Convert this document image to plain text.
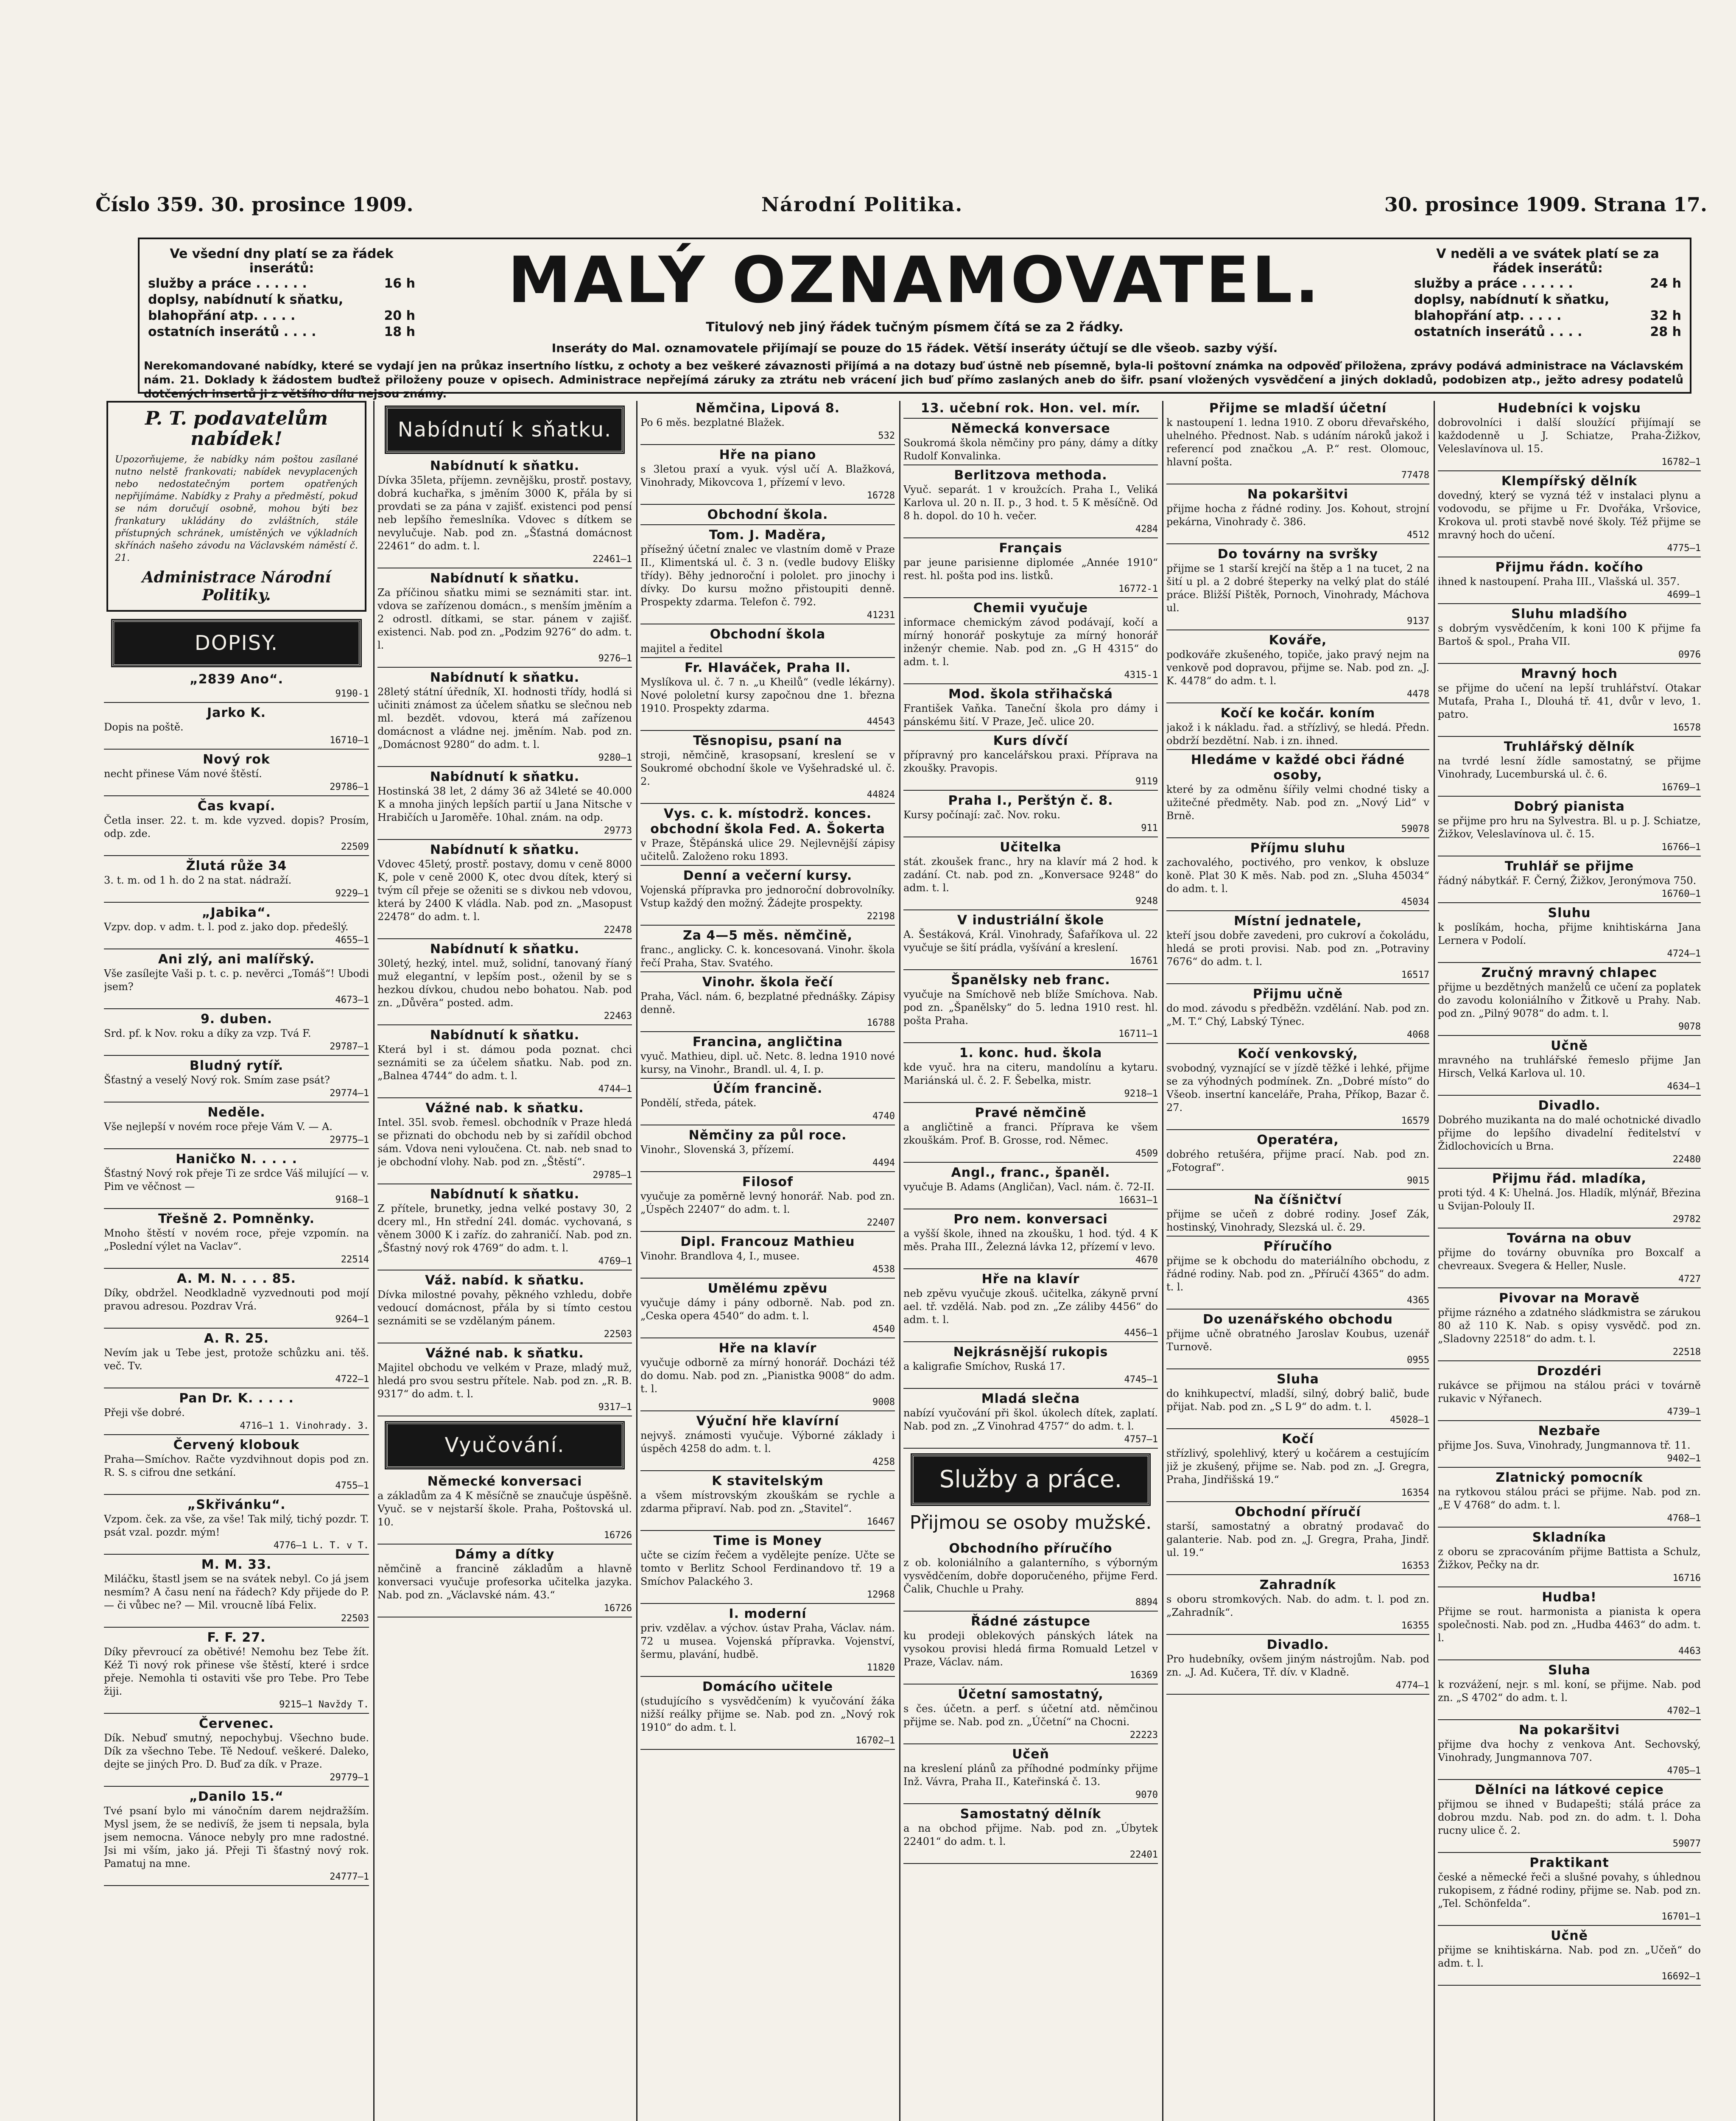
Číslo 359. 30. prosince 1909.	Národní Politika.	30. prosince 1909. Strana 17.
Ve všední dny platí se za řádek inserátů:
služby a práce . . . . . .	16 h
doplsy, nabídnutí k sňatku,
blahopřání atp. . . . .	20 h
ostatních inserátů . . . .	18 h
MALÝ OZNAMOVATEL.
Titulový neb jiný řádek tučným písmem čítá se za 2 řádky.
Inseráty do Mal. oznamovatele přijímají se pouze do 15 řádek. Větší inseráty účtují se dle všeob. sazby výší.
V neděli a ve svátek platí se za řádek inserátů:
služby a práce . . . . . .	24 h
doplsy, nabídnutí k sňatku,
blahopřání atp. . . . .	32 h
ostatních inserátů . . . .	28 h
Nerekomandované nabídky, které se vydají jen na průkaz insertního lístku, z ochoty a bez veškeré závaznosti přijímá a na dotazy buď ústně neb písemně, byla-li poštovní známka na odpověď přiložena, zprávy podává administrace na Václavském nám. 21. Doklady k žádostem buďtež přiloženy pouze v opisech. Administrace nepřejímá záruky za ztrátu neb vrácení jich buď přímo zaslaných aneb do šifr. psaní vložených vysvědčení a jiných dokladů, podobizen atp., ježto adresy podatelů dotčených insertů ji z většího dílu nejsou známy.
P. T. podavatelům nabídek!
Upozorňujeme, že nabídky nám poštou zasílané nutno nelstě frankovati; nabídek nevyplacených nebo nedostatečným portem opatřených nepřijímáme. Nabídky z Prahy a předměstí, pokud se nám doručují osobně, mohou býti bez frankatury ukládány do zvláštních, stále přístupných schránek, umístěných ve výkladních skřínách našeho závodu na Václavském náměstí č. 21.
Administrace Národní Politiky.
DOPISY.
„2839 Ano“.
9190-1
Jarko K.
Dopis na poště.
16710—1
Nový rok
necht přinese Vám nové štěstí.
29786—1
Čas kvapí.
Četla inser. 22. t. m. kde vyzved. dopis? Prosím, odp. zde.
22509
Žlutá růže 34
3. t. m. od 1 h. do 2 na stat. nádraží.
9229—1
„Jabika“.
Vzpv. dop. v adm. t. l. pod z. jako dop. předešlý.
4655—1
Ani zlý, ani malířský.
Vše zasílejte Vaši p. t. c. p. nevěrci „Tomáš“! Ubodi jsem?
4673—1
9. duben.
Srd. pf. k Nov. roku a díky za vzp. Tvá F.
29787—1
Bludný rytíř.
Šťastný a veselý Nový rok. Smím zase psát?
29774—1
Neděle.
Vše nejlepší v novém roce přeje Vám V. — A.
29775—1
Haničko N. . . . .
Šťastný Nový rok přeje Ti ze srdce Váš milující — v. Pim ve věčnost —
9168—1
Třešně 2. Pomněnky.
Mnoho štěstí v novém roce, přeje vzpomín. na „Poslední výlet na Vaclav“.
22514
A. M. N. . . . 85.
Díky, obdržel. Neodkladně vyzvednouti pod mojí pravou adresou. Pozdrav Vrá.
9264—1
A. R. 25.
Nevím jak u Tebe jest, protože schůzku ani. těš. več. Tv.
4722—1
Pan Dr. K. . . . .
Přeji vše dobré.
4716—1 1. Vinohrady. 3.
Červený klobouk
Praha—Smíchov. Račte vyzdvihnout dopis pod zn. R. S. s cifrou dne setkání.
4755—1
„Skřivánku“.
Vzpom. ček. za vše, za vše! Tak milý, tichý pozdr. T. psát vzal. pozdr. mým!
4776—1 L. T. v T.
M. M. 33.
Miláčku, štastl jsem se na svátek nebyl. Co já jsem nesmím? A času není na řádech? Kdy přijede do P. — či vůbec ne? — Mil. vroucně líbá Felix.
22503
F. F. 27.
Díky převroucí za obětivé! Nemohu bez Tebe žít. Kéž Ti nový rok přinese vše štěstí, které i srdce přeje. Nemohla ti ostaviti vše pro Tebe. Pro Tebe žiji.
9215—1 Navždy T.
Červenec.
Dík. Nebuď smutný, nepochybuj. Všechno bude. Dík za všechno Tebe. Tě Nedouf. veškeré. Daleko, dejte se jiných Pro. D. Buď za dík. v Praze.
29779—1
„Danilo 15.“
Tvé psaní bylo mi vánočním darem nejdražším. Mysl jsem, že se nedivíš, že jsem ti nepsala, byla jsem nemocna. Vánoce nebyly pro mne radostné. Jsi mi vším, jako já. Přeji Ti šťastný nový rok. Pamatuj na mne.
24777—1
Nabídnutí k sňatku.
Nabídnutí k sňatku.
Dívka 35leta, příjemn. zevnějšku, prostř. postavy, dobrá kuchařka, s jměním 3000 K, přála by si provdati se za pána v zajišť. existenci pod pensí neb lepšího řemeslníka. Vdovec s dítkem se nevylučuje. Nab. pod zn. „Šťastná domácnost 22461“ do adm. t. l.
22461—1
Nabídnutí k sňatku.
Za příčinou sňatku mimi se seznámiti star. int. vdova se zařízenou domácn., s menším jměním a 2 odrostl. dítkami, se star. pánem v zajišť. existenci. Nab. pod zn. „Podzim 9276“ do adm. t. l.
9276—1
Nabídnutí k sňatku.
28letý státní úředník, XI. hodnosti třídy, hodlá si učiniti známost za účelem sňatku se slečnou neb ml. bezdět. vdovou, která má zařízenou domácnost a vládne nej. jměním. Nab. pod zn. „Domácnost 9280“ do adm. t. l.
9280—1
Nabídnutí k sňatku.
Hostinská 38 let, 2 dámy 36 až 34leté se 40.000 K a mnoha jiných lepších partií u Jana Nitsche v Hrabičích u Jaroměře. 10hal. znám. na odp.
29773
Nabídnutí k sňatku.
Vdovec 45letý, prostř. postavy, domu v ceně 8000 K, pole v ceně 2000 K, otec dvou dítek, který si tvým cíl přeje se oženiti se s divkou neb vdovou, která by 2400 K vládla. Nab. pod zn. „Masopust 22478“ do adm. t. l.
22478
Nabídnutí k sňatku.
30letý, hezký, intel. muž, solidní, tanovaný říaný muž elegantní, v lepším post., oženil by se s hezkou dívkou, chudou nebo bohatou. Nab. pod zn. „Důvěra“ posted. adm.
22463
Nabídnutí k sňatku.
Která byl i st. dámou poda poznat. chci seznámiti se za účelem sňatku. Nab. pod zn. „Balnea 4744“ do adm. t. l.
4744—1
Vážné nab. k sňatku.
Intel. 35l. svob. řemesl. obchodník v Praze hledá se přiznati do obchodu neb by si zařídil obchod sám. Vdova neni vyloučena. Ct. nab. neb snad to je obchodní vlohy. Nab. pod zn. „Štěstí“.
29785—1
Nabídnutí k sňatku.
Z přítele, brunetky, jedna velké postavy 30, 2 dcery ml., Hn střední 24l. domác. vychovaná, s věnem 3000 K i zaříz. do zahraničí. Nab. pod zn. „Šťastný nový rok 4769“ do adm. t. l.
4769—1
Váž. nabíd. k sňatku.
Dívka milostné povahy, pěkného vzhledu, dobře vedoucí domácnost, přála by si tímto cestou seznámiti se se vzdělaným pánem.
22503
Vážné nab. k sňatku.
Majitel obchodu ve velkém v Praze, mladý muž, hledá pro svou sestru přítele. Nab. pod zn. „R. B. 9317“ do adm. t. l.
9317—1
Vyučování.
Německé konversaci
a základům za 4 K měsíčně se znaučuje úspěšně. Vyuč. se v nejstarší škole. Praha, Poštovská ul. 10.
16726
Dámy a dítky
němčině a francině základům a hlavně konversaci vyučuje profesorka učitelka jazyka. Nab. pod zn. „Václavské nám. 43.“
16726
Němčina, Lipová 8.
Po 6 měs. bezplatné Blažek.
532
Hře na piano
s 3letou praxí a vyuk. výsl učí A. Blažková, Vinohrady, Mikovcova 1, přízemí v levo.
16728
Obchodní škola.
Tom. J. Maděra,
přísežný účetní znalec ve vlastním domě v Praze II., Klimentská ul. č. 3 n. (vedle budovy Elišky třídy). Běhy jednoroční i pololet. pro jinochy i dívky. Do kursu možno přistoupiti denně. Prospekty zdarma. Telefon č. 792.
41231
Obchodní škola
majitel a ředitel
Fr. Hlaváček, Praha II.
Myslíkova ul. č. 7 n. „u Kheilů“ (vedle lékárny). Nové pololetní kursy započnou dne 1. března 1910. Prospekty zdarma.
44543
Těsnopisu, psaní na
stroji, němčině, krasopsaní, kreslení se v Soukromé obchodní škole ve Vyšehradské ul. č. 2.
44824
Vys. c. k. místodrž. konces. obchodní škola Fed. A. Šokerta
v Praze, Štěpánská ulice 29. Nejlevnější zápisy učitelů. Založeno roku 1893.
Denní a večerní kursy.
Vojenská přípravka pro jednoroční dobrovolníky. Vstup každý den možný. Žádejte prospekty.
22198
Za 4—5 měs. němčině,
franc., anglicky. C. k. koncesovaná. Vinohr. škola řečí Praha, Stav. Svatého.
Vinohr. škola řečí
Praha, Václ. nám. 6, bezplatné přednášky. Zápisy denně.
16788
Francina, angličtina
vyuč. Mathieu, dipl. uč. Netc. 8. ledna 1910 nové kursy, na Vinohr., Brandl. ul. 4, I. p.
Účím francině.
Pondělí, středa, pátek.
4740
Němčiny za půl roce.
Vinohr., Slovenská 3, přízemí.
4494
Filosof
vyučuje za poměrně levný honorář. Nab. pod zn. „Úspěch 22407“ do adm. t. l.
22407
Dipl. Francouz Mathieu
Vinohr. Brandlova 4, I., musee.
4538
Umělému zpěvu
vyučuje dámy i pány odborně. Nab. pod zn. „Ceska opera 4540“ do adm. t. l.
4540
Hře na klavír
vyučuje odborně za mírný honorář. Docházi též do domu. Nab. pod zn. „Pianistka 9008“ do adm. t. l.
9008
Výuční hře klavírní
nejvyš. známosti vyučuje. Výborné základy i úspěch 4258 do adm. t. l.
4258
K stavitelským
a všem místrovským zkouškám se rychle a zdarma připraví. Nab. pod zn. „Stavitel“.
16467
Time is Money
učte se cizím řečem a vydělejte peníze. Učte se tomto v Berlitz School Ferdinandovo tř. 19 a Smíchov Palackého 3.
12968
I. moderní
priv. vzdělav. a výchov. ústav Praha, Václav. nám. 72 u musea. Vojenská přípravka. Vojenství, šermu, plavání, hudbě.
11820
Domácího učitele
(studujícího s vysvědčením) k vyučování žáka nižší reálky přijme se. Nab. pod zn. „Nový rok 1910“ do adm. t. l.
16702—1
13. učební rok. Hon. vel. mír.
Německá konversace
Soukromá škola němčiny pro pány, dámy a dítky Rudolf Konvalinka.
Berlitzova methoda.
Vyuč. separát. 1 v kroužcích. Praha I., Veliká Karlova ul. 20 n. II. p., 3 hod. t. 5 K měsíčně. Od 8 h. dopol. do 10 h. večer.
4284
Français
par jeune parisienne diplomée „Année 1910“ rest. hl. pošta pod ins. listků.
16772-1
Chemii vyučuje
informace chemickým závod podávají, kočí a mírný honorář poskytuje za mírný honorář inženýr chemie. Nab. pod zn. „G H 4315“ do adm. t. l.
4315-1
Mod. škola střihačská
František Vaňka. Taneční škola pro dámy i pánskému šití. V Praze, Ječ. ulice 20.
Kurs dívčí
přípravný pro kancelářskou praxi. Příprava na zkoušky. Pravopis.
9119
Praha I., Perštýn č. 8.
Kursy počínají: zač. Nov. roku.
911
Učitelka
stát. zkoušek franc., hry na klavír má 2 hod. k zadání. Ct. nab. pod zn. „Konversace 9248“ do adm. t. l.
9248
V industriální škole
A. Šestáková, Král. Vinohrady, Šafaříkova ul. 22 vyučuje se šití prádla, vyšívání a kreslení.
16761
Španělsky neb franc.
vyučuje na Smíchově neb blíže Smíchova. Nab. pod zn. „Španělsky“ do 5. ledna 1910 rest. hl. pošta Praha.
16711—1
1. konc. hud. škola
kde vyuč. hra na citeru, mandolínu a kytaru. Mariánská ul. č. 2. F. Šebelka, mistr.
9218—1
Pravé němčině
a angličtině a franci. Příprava ke všem zkouškám. Prof. B. Grosse, rod. Němec.
4509
Angl., franc., španěl.
vyučuje B. Adams (Angličan), Vacl. nám. č. 72-II.
16631—1
Pro nem. konversaci
a vyšší škole, ihned na zkoušku, 1 hod. týd. 4 K měs. Praha III., Železná lávka 12, přízemí v levo.
4670
Hře na klavír
neb zpěvu vyučuje zkouš. učitelka, zákyně první ael. tř. vzdělá. Nab. pod zn. „Ze záliby 4456“ do adm. t. l.
4456—1
Nejkrásnější rukopis
a kaligrafie Smíchov, Ruská 17.
4745—1
Mladá slečna
nabízí vyučování při škol. úkolech dítek, zaplatí. Nab. pod zn. „Z Vinohrad 4757“ do adm. t. l.
4757—1
Služby a práce.
Přijmou se osoby mužské.
Obchodního příručího
z ob. koloniálního a galanterního, s výborným vysvědčením, dobře doporučeného, přijme Ferd. Čalik, Chuchle u Prahy.
8894
Řádné zástupce
ku prodeji oblekových pánských látek na vysokou provisi hledá firma Romuald Letzel v Praze, Václav. nám.
16369
Účetní samostatný,
s čes. účetn. a perf. s účetní atd. němčinou přijme se. Nab. pod zn. „Účetní“ na Chocni.
22223
Učeň
na kreslení plánů za příhodné podmínky přijme Inž. Vávra, Praha II., Kateřinská č. 13.
9070
Samostatný dělník
a na obchod přijme. Nab. pod zn. „Úbytek 22401“ do adm. t. l.
22401
Přijme se mladší účetní
k nastoupení 1. ledna 1910. Z oboru dřevařského, uhelného. Přednost. Nab. s udáním nároků jakož i referencí pod značkou „A. P.“ rest. Olomouc, hlavní pošta.
77478
Na pokaršitvi
přijme hocha z řádné rodiny. Jos. Kohout, strojní pekárna, Vinohrady č. 386.
4512
Do továrny na svršky
přijme se 1 starší krejčí na štěp a 1 na tucet, 2 na šití u pl. a 2 dobré šteperky na velký plat do stálé práce. Bližší Pištěk, Pornoch, Vinohrady, Máchova ul.
9137
Kováře,
podkováře zkušeného, topiče, jako pravý nejm na venkově pod dopravou, přijme se. Nab. pod zn. „J. K. 4478“ do adm. t. l.
4478
Kočí ke kočár. koním
jakož i k nákladu. řad. a střízlivý, se hledá. Předn. obdrží bezdětní. Nab. i zn. ihned.
Hledáme v každé obci řádné osoby,
které by za odměnu šířily velmi chodné tisky a užitečné předměty. Nab. pod zn. „Nový Lid“ v Brně.
59078
Příjmu sluhu
zachovalého, poctivého, pro venkov, k obsluze koně. Plat 30 K měs. Nab. pod zn. „Sluha 45034“ do adm. t. l.
45034
Místní jednatele,
kteří jsou dobře zavedeni, pro cukroví a čokoládu, hledá se proti provisi. Nab. pod zn. „Potraviny 7676“ do adm. t. l.
16517
Přijmu učně
do mod. závodu s předběžn. vzdělání. Nab. pod zn. „M. T.“ Chý, Labský Týnec.
4068
Kočí venkovský,
svobodný, vyznající se v jízdě těžké i lehké, přijme se za výhodných podmínek. Zn. „Dobré místo“ do Všeob. insertní kanceláře, Praha, Příkop, Bazar č. 27.
16579
Operatéra,
dobrého retušéra, přijme prací. Nab. pod zn. „Fotograf“.
9015
Na číšničtví
přijme se učeň z dobré rodiny. Josef Zák, hostinský, Vinohrady, Slezská ul. č. 29.
Příručího
přijme se k obchodu do materiálního obchodu, z řádné rodiny. Nab. pod zn. „Příručí 4365“ do adm. t. l.
4365
Do uzenářského obchodu
přijme učně obratného Jaroslav Koubus, uzenář Turnově.
0955
Sluha
do knihkupectví, mladší, silný, dobrý balič, bude přijat. Nab. pod zn. „S L 9“ do adm. t. l.
45028—1
Kočí
střízlivý, spolehlivý, který u kočárem a cestujícím již je zkušený, přijme se. Nab. pod zn. „J. Gregra, Praha, Jindřišská 19.“
16354
Obchodní příručí
starší, samostatný a obratný prodavač do galanterie. Nab. pod zn. „J. Gregra, Praha, Jindř. ul. 19.“
16353
Zahradník
s oboru stromkových. Nab. do adm. t. l. pod zn. „Zahradník“.
16355
Divadlo.
Pro hudebníky, ovšem jiným nástrojům. Nab. pod zn. „J. Ad. Kučera, Tř. dív. v Kladně.
4774—1
Hudebníci k vojsku
dobrovolníci i další sloužící přijímají se každodenně u J. Schiatze, Praha-Žižkov, Veleslavínova ul. 15.
16782—1
Klempířský dělník
dovedný, který se vyzná též v instalaci plynu a vodovodu, se přijme u Fr. Dvořáka, Vršovice, Krokova ul. proti stavbě nové školy. Též přijme se mravný hoch do učení.
4775—1
Přijmu řádn. kočího
ihned k nastoupení. Praha III., Vlašská ul. 357.
4699—1
Sluhu mladšího
s dobrým vysvědčením, k koni 100 K přijme fa Bartoš & spol., Praha VII.
0976
Mravný hoch
se přijme do učení na lepší truhlářství. Otakar Mutafa, Praha I., Dlouhá tř. 41, dvůr v levo, 1. patro.
16578
Truhlářský dělník
na tvrdé lesní žídle samostatný, se přijme Vinohrady, Lucemburská ul. č. 6.
16769—1
Dobrý pianista
se přijme pro hru na Sylvestra. Bl. u p. J. Schiatze, Žižkov, Veleslavínova ul. č. 15.
16766—1
Truhlář se přijme
řádný nábytkář. F. Černý, Žižkov, Jeronýmova 750.
16760—1
Sluhu
k poslíkám, hocha, přijme knihtiskárna Jana Lernera v Podolí.
4724—1
Zručný mravný chlapec
přijme u bezdětných manželů ce učení za poplatek do zavodu koloniálního v Žitkově u Prahy. Nab. pod zn. „Pilný 9078“ do adm. t. l.
9078
Učně
mravného na truhlářské řemeslo přijme Jan Hirsch, Velká Karlova ul. 10.
4634—1
Divadlo.
Dobrého muzikanta na do malé ochotnické divadlo přijme do lepšího divadelní ředitelství v Židlochovicích u Brna.
22480
Přijmu řád. mladíka,
proti týd. 4 K: Uhelná. Jos. Hladík, mlýnář, Březina u Svijan-Polouly II.
29782
Továrna na obuv
přijme do továrny obuvníka pro Boxcalf a chevreaux. Svegera & Heller, Nusle.
4727
Pivovar na Moravě
přijme rázného a zdatného sládkmistra se zárukou 80 až 110 K. Nab. s opisy vysvědč. pod zn. „Sladovny 22518“ do adm. t. l.
22518
Drozdéri
rukávce se přijmou na stálou práci v továrně rukavic v Nýřanech.
4739—1
Nezbaře
přijme Jos. Suva, Vinohrady, Jungmannova tř. 11.
9402—1
Zlatnický pomocník
na rytkovou stálou práci se přijme. Nab. pod zn. „E V 4768“ do adm. t. l.
4768—1
Skladníka
z oboru se zpracováním přijme Battista a Schulz, Žižkov, Pečky na dr.
16716
Hudba!
Přijme se rout. harmonista a pianista k opera společnosti. Nab. pod zn. „Hudba 4463“ do adm. t. l.
4463
Sluha
k rozvážení, nejr. s ml. koní, se přijme. Nab. pod zn. „S 4702“ do adm. t. l.
4702—1
Na pokaršitvi
přijme dva hochy z venkova Ant. Sechovský, Vinohrady, Jungmannova 707.
4705—1
Dělníci na látkové cepice
přijmou se ihned v Budapešti; stálá práce za dobrou mzdu. Nab. pod zn. do adm. t. l. Doha rucny ulice č. 2.
59077
Praktikant
české a německé řeči a slušné povahy, s úhlednou rukopisem, z řádné rodiny, přijme se. Nab. pod zn. „Tel. Schönfelda“.
16701—1
Učně
přijme se knihtiskárna. Nab. pod zn. „Učeň“ do adm. t. l.
16692—1
